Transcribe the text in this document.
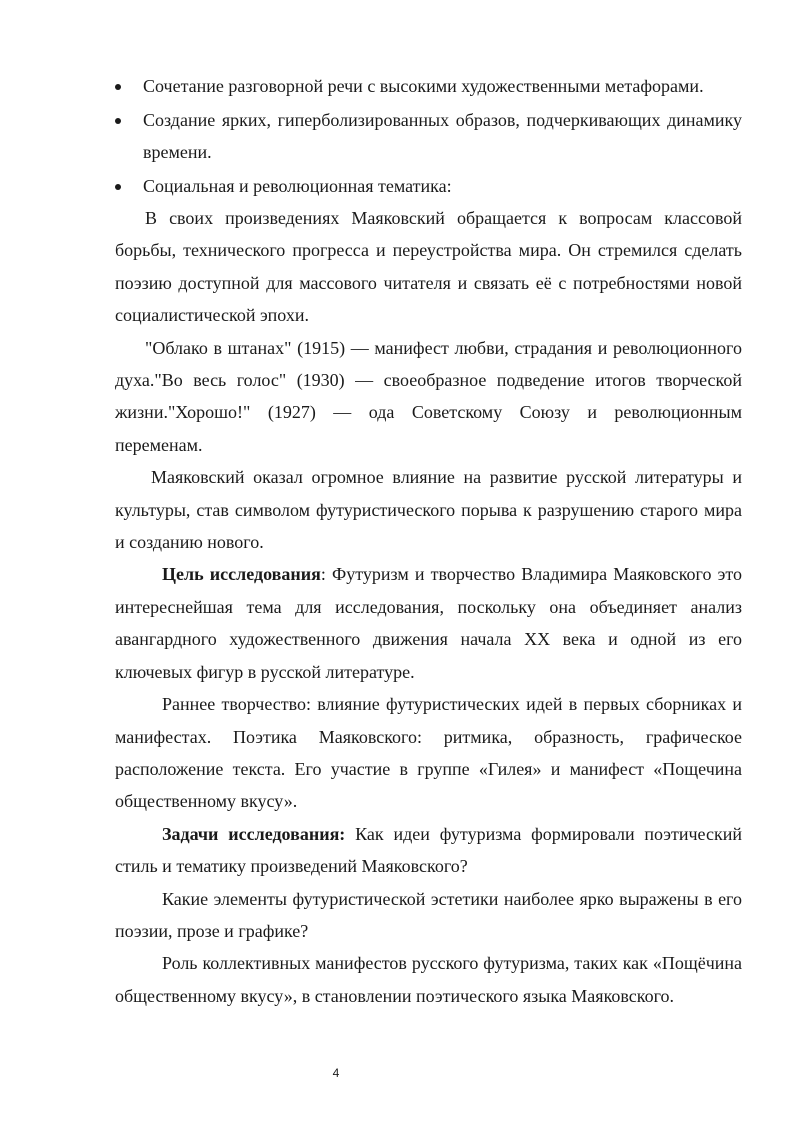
Сочетание разговорной речи с высокими художественными метафорами.
Создание ярких, гиперболизированных образов, подчеркивающих динамику времени.
Социальная и революционная тематика:

В своих произведениях Маяковский обращается к вопросам классовой борьбы, технического прогресса и переустройства мира. Он стремился сделать поэзию доступной для массового читателя и связать её с потребностями новой социалистической эпохи.

"Облако в штанах" (1915) — манифест любви, страдания и революционного духа."Во весь голос" (1930) — своеобразное подведение итогов творческой жизни."Хорошо!" (1927) — ода Советскому Союзу и революционным переменам.

Маяковский оказал огромное влияние на развитие русской литературы и культуры, став символом футуристического порыва к разрушению старого мира и созданию нового.

Цель исследования: Футуризм и творчество Владимира Маяковского это интереснейшая тема для исследования, поскольку она объединяет анализ авангардного художественного движения начала XX века и одной из его ключевых фигур в русской литературе.

Раннее творчество: влияние футуристических идей в первых сборниках и манифестах. Поэтика Маяковского: ритмика, образность, графическое расположение текста. Его участие в группе «Гилея» и манифест «Пощечина общественному вкусу».

Задачи исследования: Как идеи футуризма формировали поэтический стиль и тематику произведений Маяковского?

Какие элементы футуристической эстетики наиболее ярко выражены в его поэзии, прозе и графике?

Роль коллективных манифестов русского футуризма, таких как «Пощёчина общественному вкусу», в становлении поэтического языка Маяковского.

4
